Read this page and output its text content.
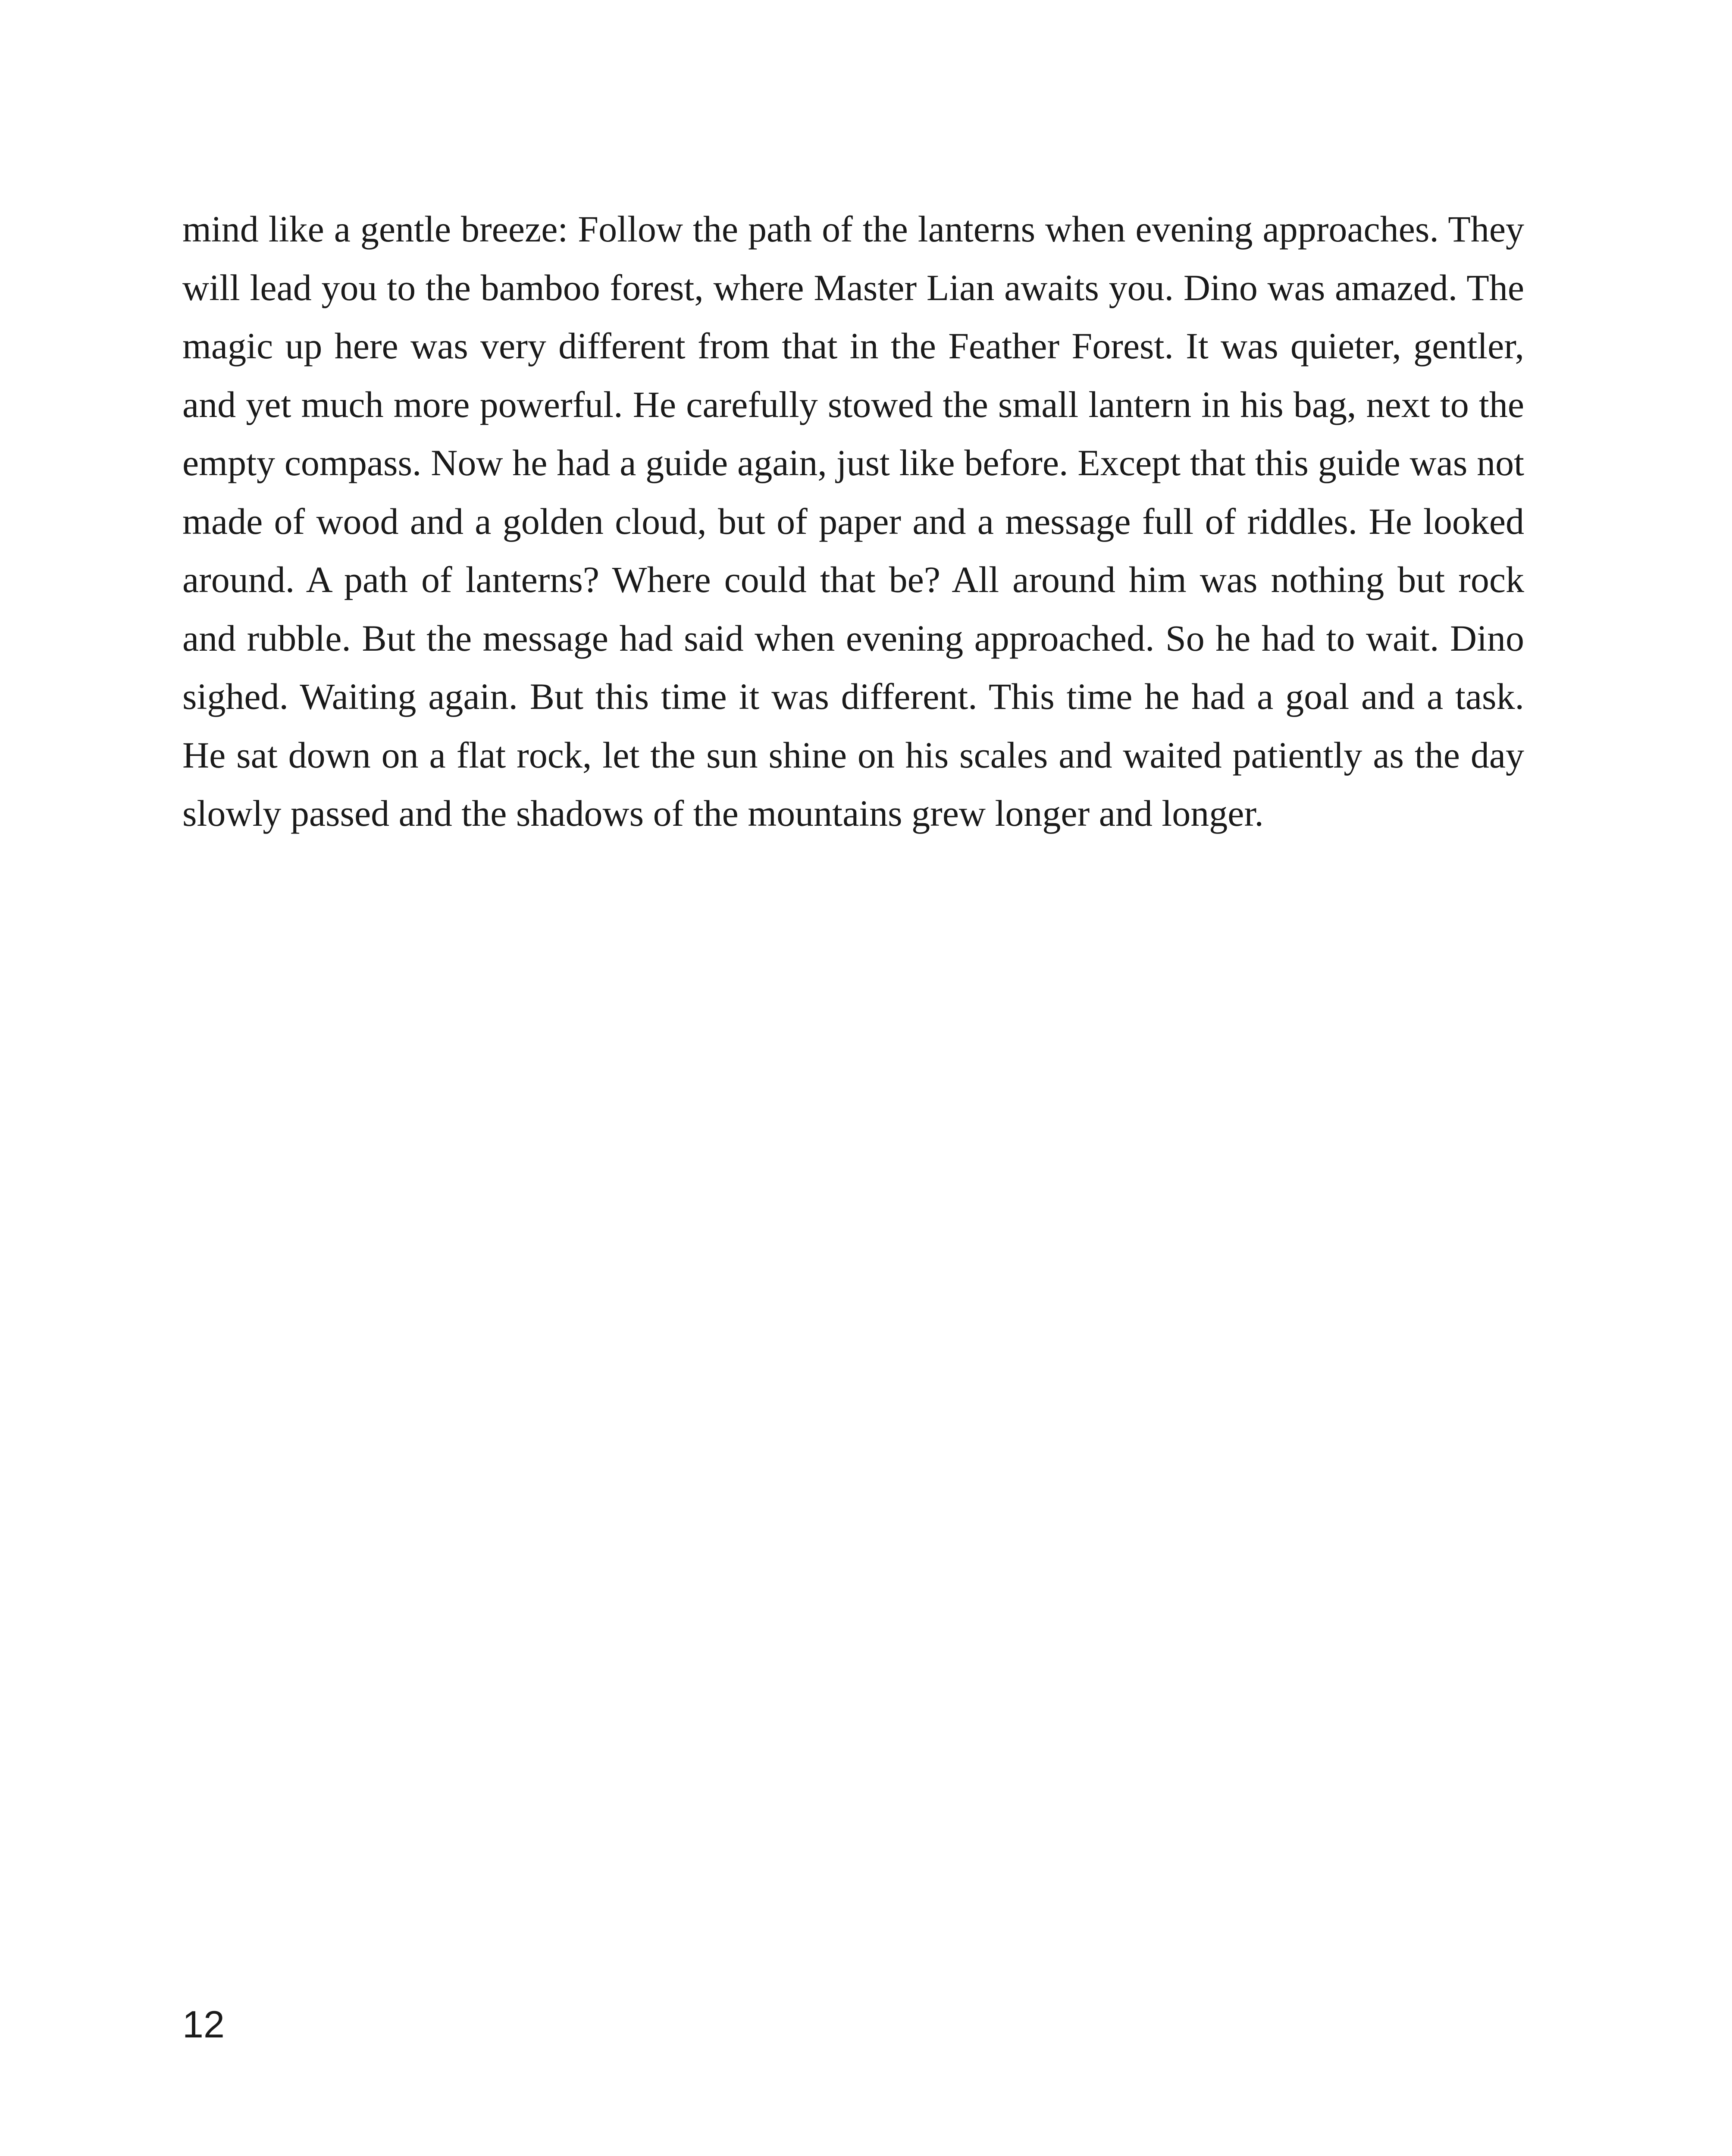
mind like a gentle breeze: Follow the path of the lanterns when evening approaches. They will lead you to the bamboo forest, where Master Lian awaits you. Dino was amazed. The magic up here was very different from that in the Feather Forest. It was quieter, gentler, and yet much more powerful. He carefully stowed the small lantern in his bag, next to the empty compass. Now he had a guide again, just like before. Except that this guide was not made of wood and a golden cloud, but of paper and a message full of riddles. He looked around. A path of lanterns? Where could that be? All around him was nothing but rock and rubble. But the message had said when evening approached. So he had to wait. Dino sighed. Waiting again. But this time it was different. This time he had a goal and a task. He sat down on a flat rock, let the sun shine on his scales and waited patiently as the day slowly passed and the shadows of the mountains grew longer and longer.

12
